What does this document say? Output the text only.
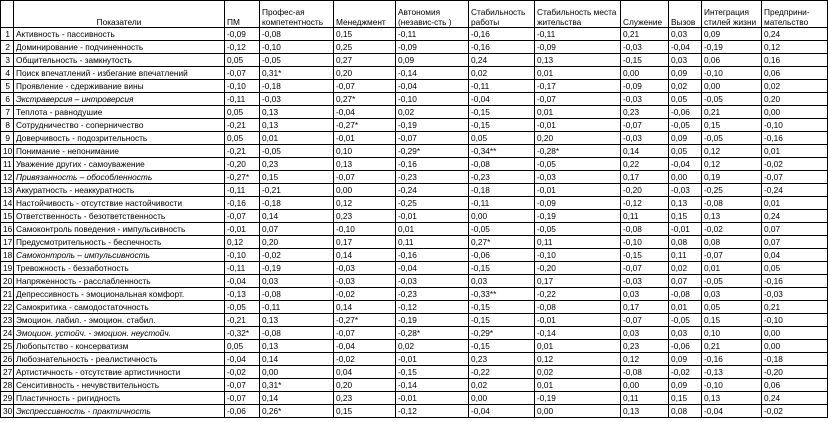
	Показатели	ПМ	Профес-ая компетентность	Менеджмент	Автономия (независ-сть )	Стабильность работы	Стабильность места жительства	Служение	Вызов	Интеграция стилей жизни	Предприни-мательство
1	Активность - пассивность	-0,09	-0,08	0,15	-0,11	-0,16	-0,11	0,21	0,03	0,09	0,24
2	Доминирование - подчиненность	-0,12	-0,10	0,25	-0,09	-0,16	-0,09	-0,03	-0,04	-0,19	0,12
3	Общительность - замкнутость	0,05	-0,05	0,27	0,09	0,24	0,13	-0,15	0,03	0,06	0,16
4	Поиск впечатлений - избегание впечатлений	-0,07	0,31*	0,20	-0,14	0,02	0,01	0,00	0,09	-0,10	0,06
5	Проявление - сдерживание вины	-0,10	-0,18	-0,07	-0,04	-0,11	-0,17	-0,09	0,02	0,00	0,02
6	Экстраверсия – интроверсия	-0,11	-0,03	0,27*	-0,10	-0,04	-0,07	-0,03	0,05	-0,05	0,20
7	Теплота - равнодушие	0,05	0,13	-0,04	0,02	-0,15	0,01	0,23	-0,06	0,21	0,00
8	Сотрудничество - соперничество	-0,21	0,13	-0,27*	-0,19	-0,15	-0,01	-0,07	-0,05	0,15	-0,10
9	Доверчивость - подозрительность	0,05	0,01	-0,01	-0,07	0,05	0,20	-0,03	0,09	-0,05	-0,16
10	Понимание - непонимание	-0,21	-0,05	0,10	-0,29*	-0,34**	-0,28*	0,14	0,05	0,12	0,01
11	Уважение других - самоуважение	-0,20	0,23	0,13	-0,16	-0,08	-0,05	0,22	-0,04	0,12	-0,02
12	Привязанность – обособленность	-0,27*	0,15	-0,07	-0,23	-0,23	-0,03	0,17	0,00	0,19	-0,07
13	Аккуратность - неаккуратность	-0,11	-0,21	0,00	-0,24	-0,18	-0,01	-0,20	-0,03	-0,25	-0,24
14	Настойчивость - отсутствие настойчивости	-0,16	-0,18	0,12	-0,25	-0,11	-0,09	-0,12	0,13	-0,08	0,01
15	Ответственность - безответственность	-0,07	0,14	0,23	-0,01	0,00	-0,19	0,11	0,15	0,13	0,24
16	Самоконтроль поведения - импульсивность	-0,01	0,07	-0,10	0,01	-0,05	-0,05	-0,08	-0,01	-0,02	0,07
17	Предусмотрительность - беспечность	0,12	0,20	0,17	0,11	0,27*	0,11	-0,10	0,08	0,08	0,07
18	Самоконтроль – импульсивность	-0,10	-0,02	0,14	-0,16	-0,06	-0,10	-0,15	0,11	-0,07	0,04
19	Тревожность - беззаботность	-0,11	-0,19	-0,03	-0,04	-0,15	-0,20	-0,07	0,02	0,01	0,05
20	Напряженность - расслабленность	-0,04	0,03	-0,03	-0,03	0,03	0,17	-0,03	0,07	-0,05	-0,16
21	Депрессивность - эмоциональная комфорт.	-0,13	-0,08	-0,02	-0,23	-0,33**	-0,22	0,03	-0,08	0,03	-0,03
22	Самокритика - самодостаточность	-0,05	-0,11	0,14	-0,12	-0,15	-0,08	0,17	0,01	0,05	0,21
23	Эмоцион. лабил. - эмоцион. стабил.	-0,21	0,13	-0,27*	-0,19	-0,15	-0,01	-0,07	-0,05	0,15	-0,10
24	Эмоцион. устойч. - эмоцион. неустойч.	-0,32*	-0,08	-0,07	-0,28*	-0,29*	-0,14	0,03	0,03	0,10	0,00
25	Любопытство - консерватизм	0,05	0,13	-0,04	0,02	-0,15	0,01	0,23	-0,06	0,21	0,00
26	Любознательность - реалистичность	-0,04	0,14	-0,02	-0,01	0,23	0,12	0,12	0,09	-0,16	-0,18
27	Артистичность - отсутствие артистичности	-0,02	0,00	0,04	-0,15	-0,22	0,02	-0,08	-0,02	-0,13	-0,20
28	Сенситивность - нечувствительность	-0,07	0,31*	0,20	-0,14	0,02	0,01	0,00	0,09	-0,10	0,06
29	Пластичность - ригидность	-0,07	0,14	0,23	-0,01	0,00	-0,19	0,11	0,15	0,13	0,24
30	Экспрессивность - практичность	-0,06	0,26*	0,15	-0,12	-0,04	0,00	0,13	0,08	-0,04	-0,02
